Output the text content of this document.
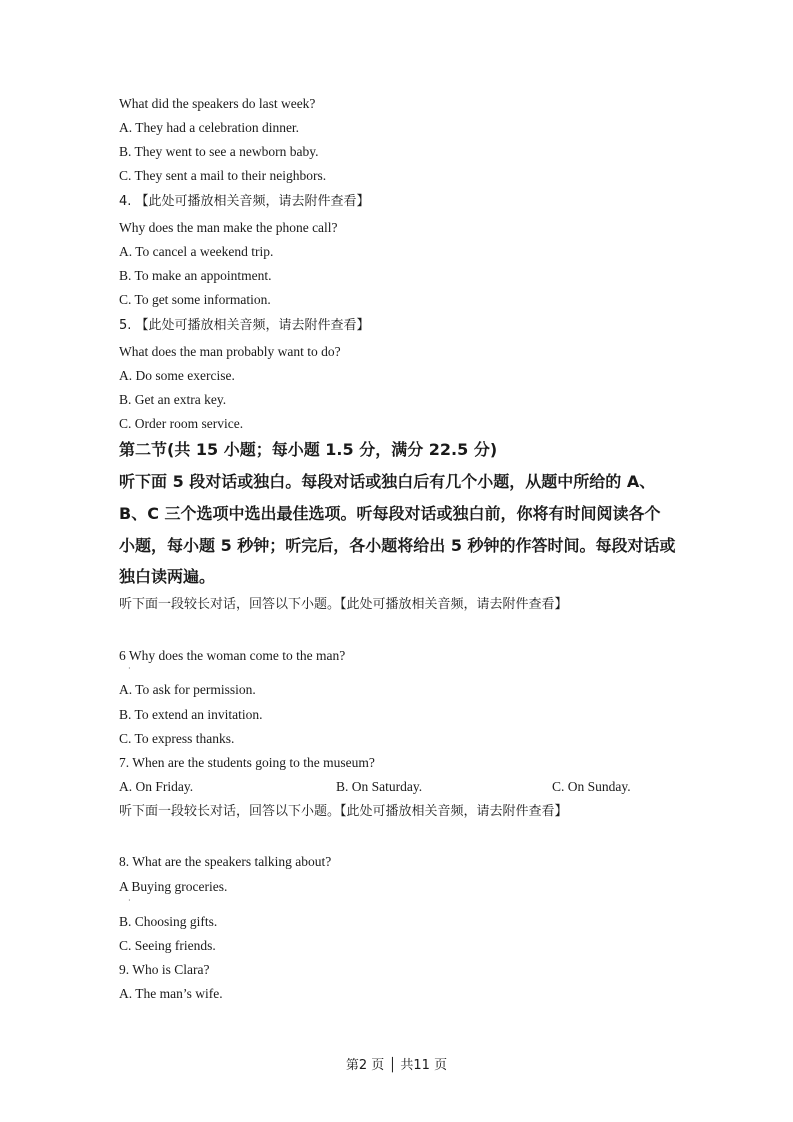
What did the speakers do last week?
A. They had a celebration dinner.
B. They went to see a newborn baby.
C. They sent a mail to their neighbors.
4. 【此处可播放相关音频，请去附件查看】
Why does the man make the phone call?
A. To cancel a weekend trip.
B. To make an appointment.
C. To get some information.
5. 【此处可播放相关音频，请去附件查看】
What does the man probably want to do?
A. Do some exercise.
B. Get an extra key.
C. Order room service.
第二节(共 15 小题；每小题 1.5 分，满分 22.5 分)
听下面 5 段对话或独白。每段对话或独白后有几个小题，从题中所给的 A、
B、C 三个选项中选出最佳选项。听每段对话或独白前，你将有时间阅读各个
小题，每小题 5 秒钟；听完后，各小题将给出 5 秒钟的作答时间。每段对话或
独白读两遍。
听下面一段较长对话，回答以下小题。【此处可播放相关音频，请去附件查看】
6 Why does the woman come to the man?
·
A. To ask for permission.
B. To extend an invitation.
C. To express thanks.
7. When are the students going to the museum?
A. On Friday.	B. On Saturday.	C. On Sunday.
听下面一段较长对话，回答以下小题。【此处可播放相关音频，请去附件查看】
8. What are the speakers talking about?
A Buying groceries.
·
B. Choosing gifts.
C. Seeing friends.
9. Who is Clara?
A. The man’s wife.
第2 页 │ 共11 页
